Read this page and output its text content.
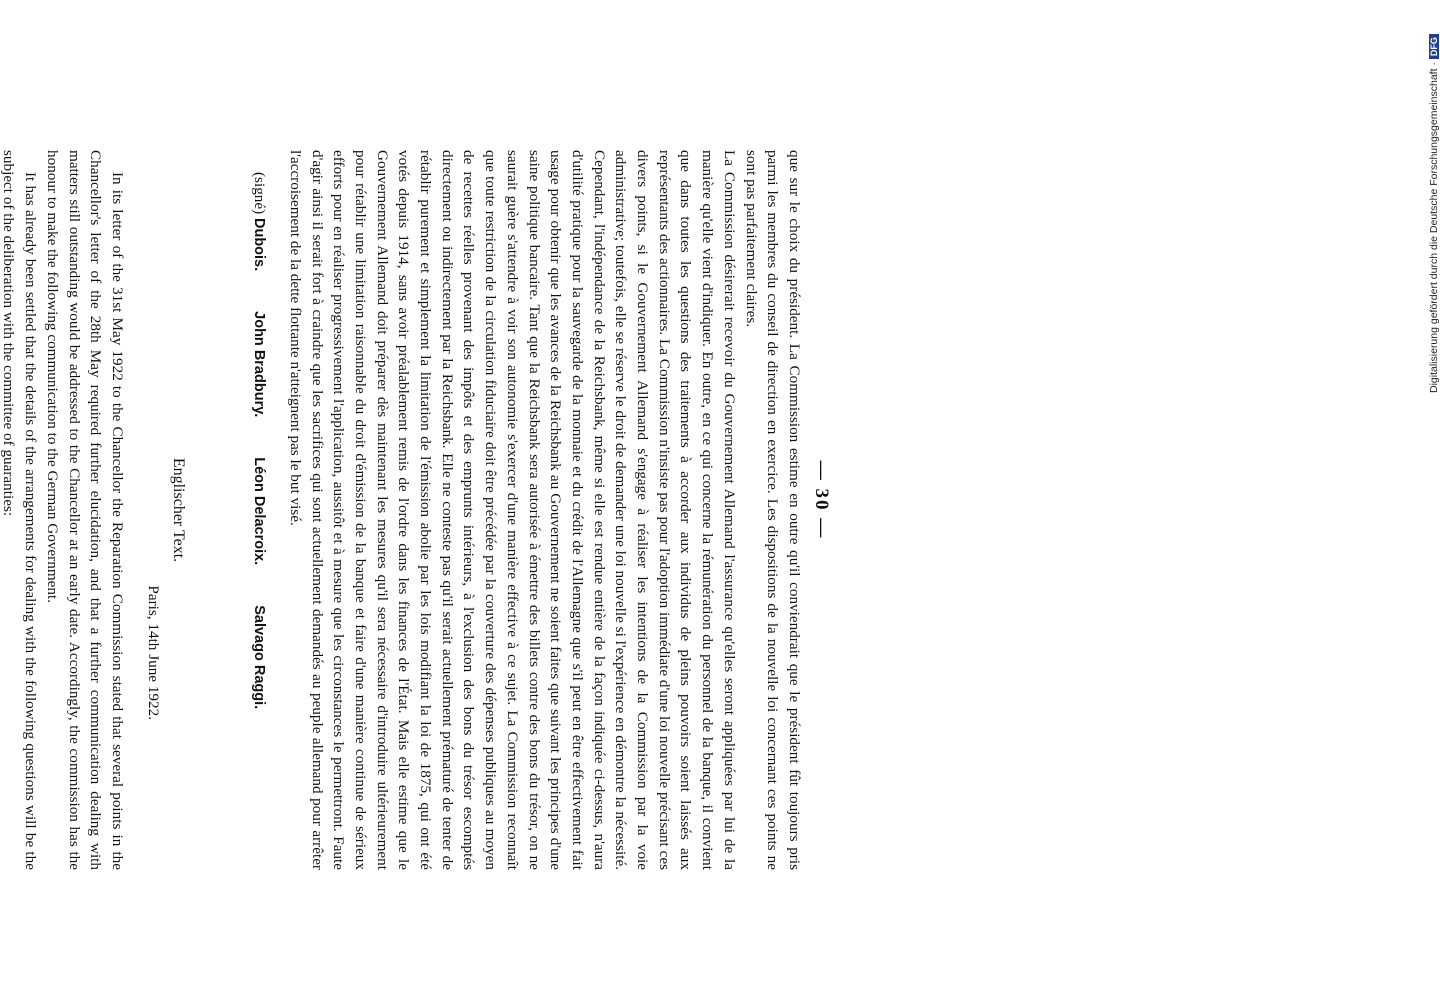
— 30 —

que sur le choix du président. La Commission estime en outre qu'il conviendrait que le président fût toujours pris parmi les membres du conseil de direction en exercice. Les dispositions de la nouvelle loi concernant ces points ne sont pas parfaitement claires.

La Commission désirerait recevoir du Gouvernement Allemand l'assurance qu'elles seront appliquées par lui de la manière qu'elle vient d'indiquer. En outre, en ce qui concerne la rémunération du personnel de la banque, il convient que dans toutes les questions des traitements à accorder aux individus de pleins pouvoirs soient laissés aux représentants des actionnaires. La Commission n'insiste pas pour l'adoption immédiate d'une loi nouvelle précisant ces divers points, si le Gouvernement Allemand s'engage à réaliser les intentions de la Commission par la voie administrative; toutefois, elle se réserve le droit de demander une loi nouvelle si l'expérience en démontre la nécessité. Cependant, l'indépendance de la Reichsbank, même si elle est rendue entière de la façon indiquée ci-dessus, n'aura d'utilité pratique pour la sauvegarde de la monnaie et du crédit de l'Allemagne que s'il peut en être effectivement fait usage pour obtenir que les avances de la Reichsbank au Gouvernement ne soient faites que suivant les principes d'une saine politique bancaire. Tant que la Reichsbank sera autorisée à émettre des billets contre des bons du trésor, on ne saurait guère s'attendre à voir son autonomie s'exercer d'une manière effective à ce sujet. La Commission reconnaît que toute restriction de la circulation fiduciaire doit être précédée par la couverture des dépenses publiques au moyen de recettes réelles provenant des impôts et des emprunts intérieurs, à l'exclusion des bons du trésor escomptés directement ou indirectement par la Reichsbank. Elle ne conteste pas qu'il serait actuellement prématuré de tenter de rétablir purement et simplement la limitation de l'émission abolie par les lois modifiant la loi de 1875, qui ont été votés depuis 1914, sans avoir préalablement remis de l'ordre dans les finances de l'État. Mais elle estime que le Gouvernement Allemand doit préparer dès maintenant les mesures qu'il sera nécessaire d'introduire ultérieurement pour rétablir une limitation raisonnable du droit d'émission de la banque et faire d'une manière continue de sérieux efforts pour en réaliser progressivement l'application, aussitôt et à mesure que les circonstances le permettront. Faute d'agir ainsi il serait fort à craindre que les sacrifices qui sont actuellement demandés au peuple allemand pour arrêter l'accroisement de la dette flottante n'atteignent pas le but visé.

(signé) Dubois.
John Bradbury.
Léon Delacroix.
Salvago Raggi.
Englischer Text.
Paris, 14th June 1922.

In its letter of the 31st May 1922 to the Chancellor the Reparation Commission stated that several points in the Chancellor's letter of the 28th May required further elucidation, and that a further communication dealing with matters still outstanding would be addressed to the Chancellor at an early date. Accordingly, the commission has the honour to make the following communication to the German Government.

It has already been settled that the details of the arrangements for dealing with the following questions will be the subject of the deliberation with the committee of guaranties:	Digitalisierung gefördert durch die Deutsche Forschungsgemeinschaft ·DFG
